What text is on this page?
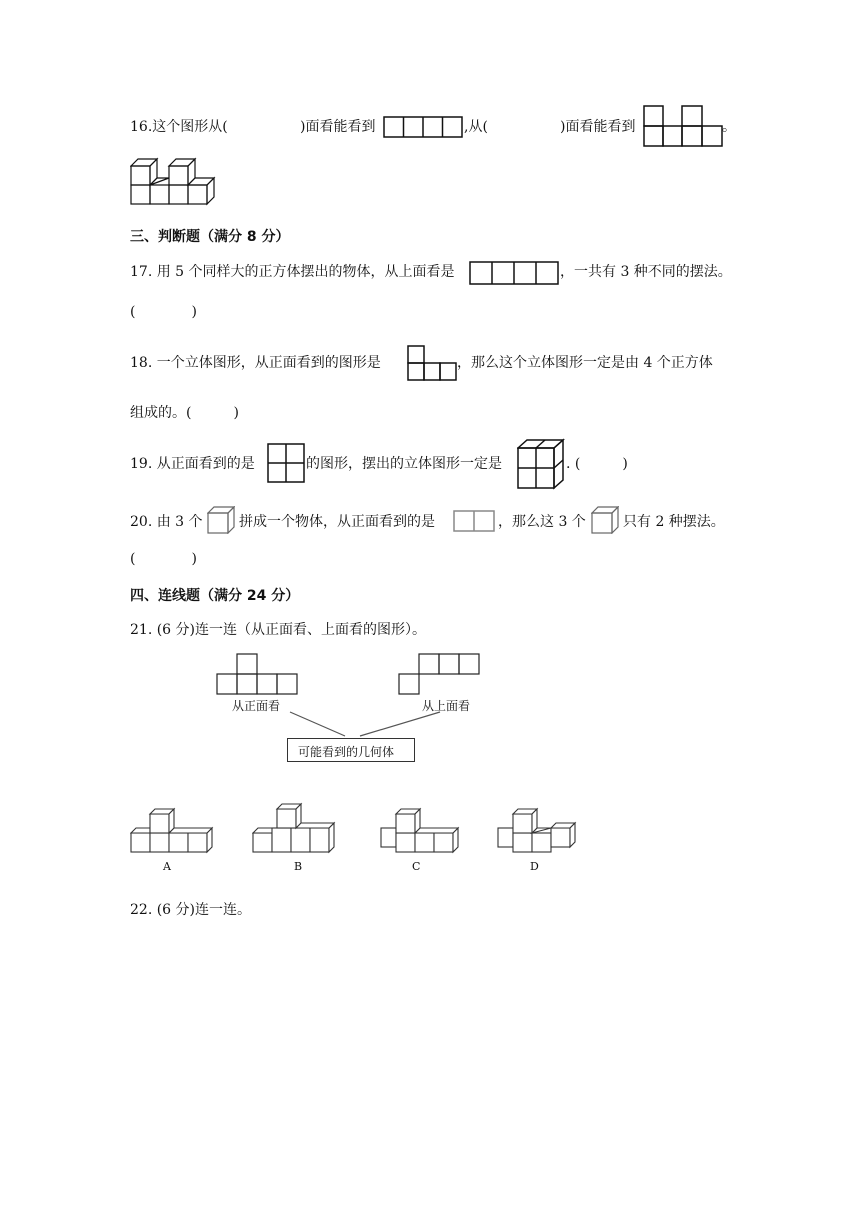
16.这个图形从(	)面看能看到	,从(	)面看能看到	。
三、判断题（满分 8 分）
17. 用 5 个同样大的正方体摆出的物体，从上面看是	，一共有 3 种不同的摆法。
(　　　　)
18. 一个立体图形，从正面看到的图形是	，那么这个立体图形一定是由 4 个正方体
组成的。(　　　)
19. 从正面看到的是	的图形，摆出的立体图形一定是	. (　　　)
20. 由 3 个	拼成一个物体，从正面看到的是	，那么这 3 个	只有 2 种摆法。
(　　　　)
四、连线题（满分 24 分）
21. (6 分)连一连（从正面看、上面看的图形）。
从正面看	从上面看
可能看到的几何体
A	B	C	D
22. (6 分)连一连。
